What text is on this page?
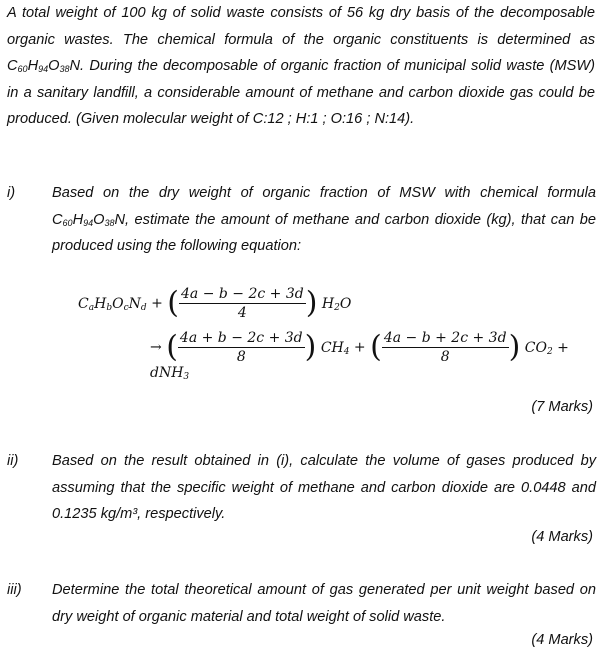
A total weight of 100 kg of solid waste consists of 56 kg dry basis of the decomposable
organic wastes. The chemical formula of the organic constituents is determined as
$C_{60}H_{94}O_{38}N$. During the decomposable of organic fraction of municipal solid waste (MSW)
in a sanitary landfill, a considerable amount of methane and carbon dioxide gas could be
produced. (Given molecular weight of C:12 ; H:1 ; O:16 ; N:14).
i)	Based on the dry weight of organic fraction of MSW with chemical formula
$C_{60}H_{94}O_{38}N$, estimate the amount of methane and carbon dioxide (kg), that can be
produced using the following equation:
$C_aH_bO_cN_d$ + ( $\frac{4a - b - 2c + 3d}{4}$ ) $H_2O$
→ ( $\frac{4a + b - 2c + 3d}{8}$ ) $CH_4$ + ( $\frac{4a - b + 2c + 3d}{8}$ ) $CO_2 + dNH_3$
(7 Marks)
ii) Based on the result obtained in (i), calculate the volume of gases produced by
assuming that the specific weight of methane and carbon dioxide are 0.0448 and
0.1235 kg/m³, respectively.
(4 Marks)
iii) Determine the total theoretical amount of gas generated per unit weight based on
dry weight of organic material and total weight of solid waste.
(4 Marks)
